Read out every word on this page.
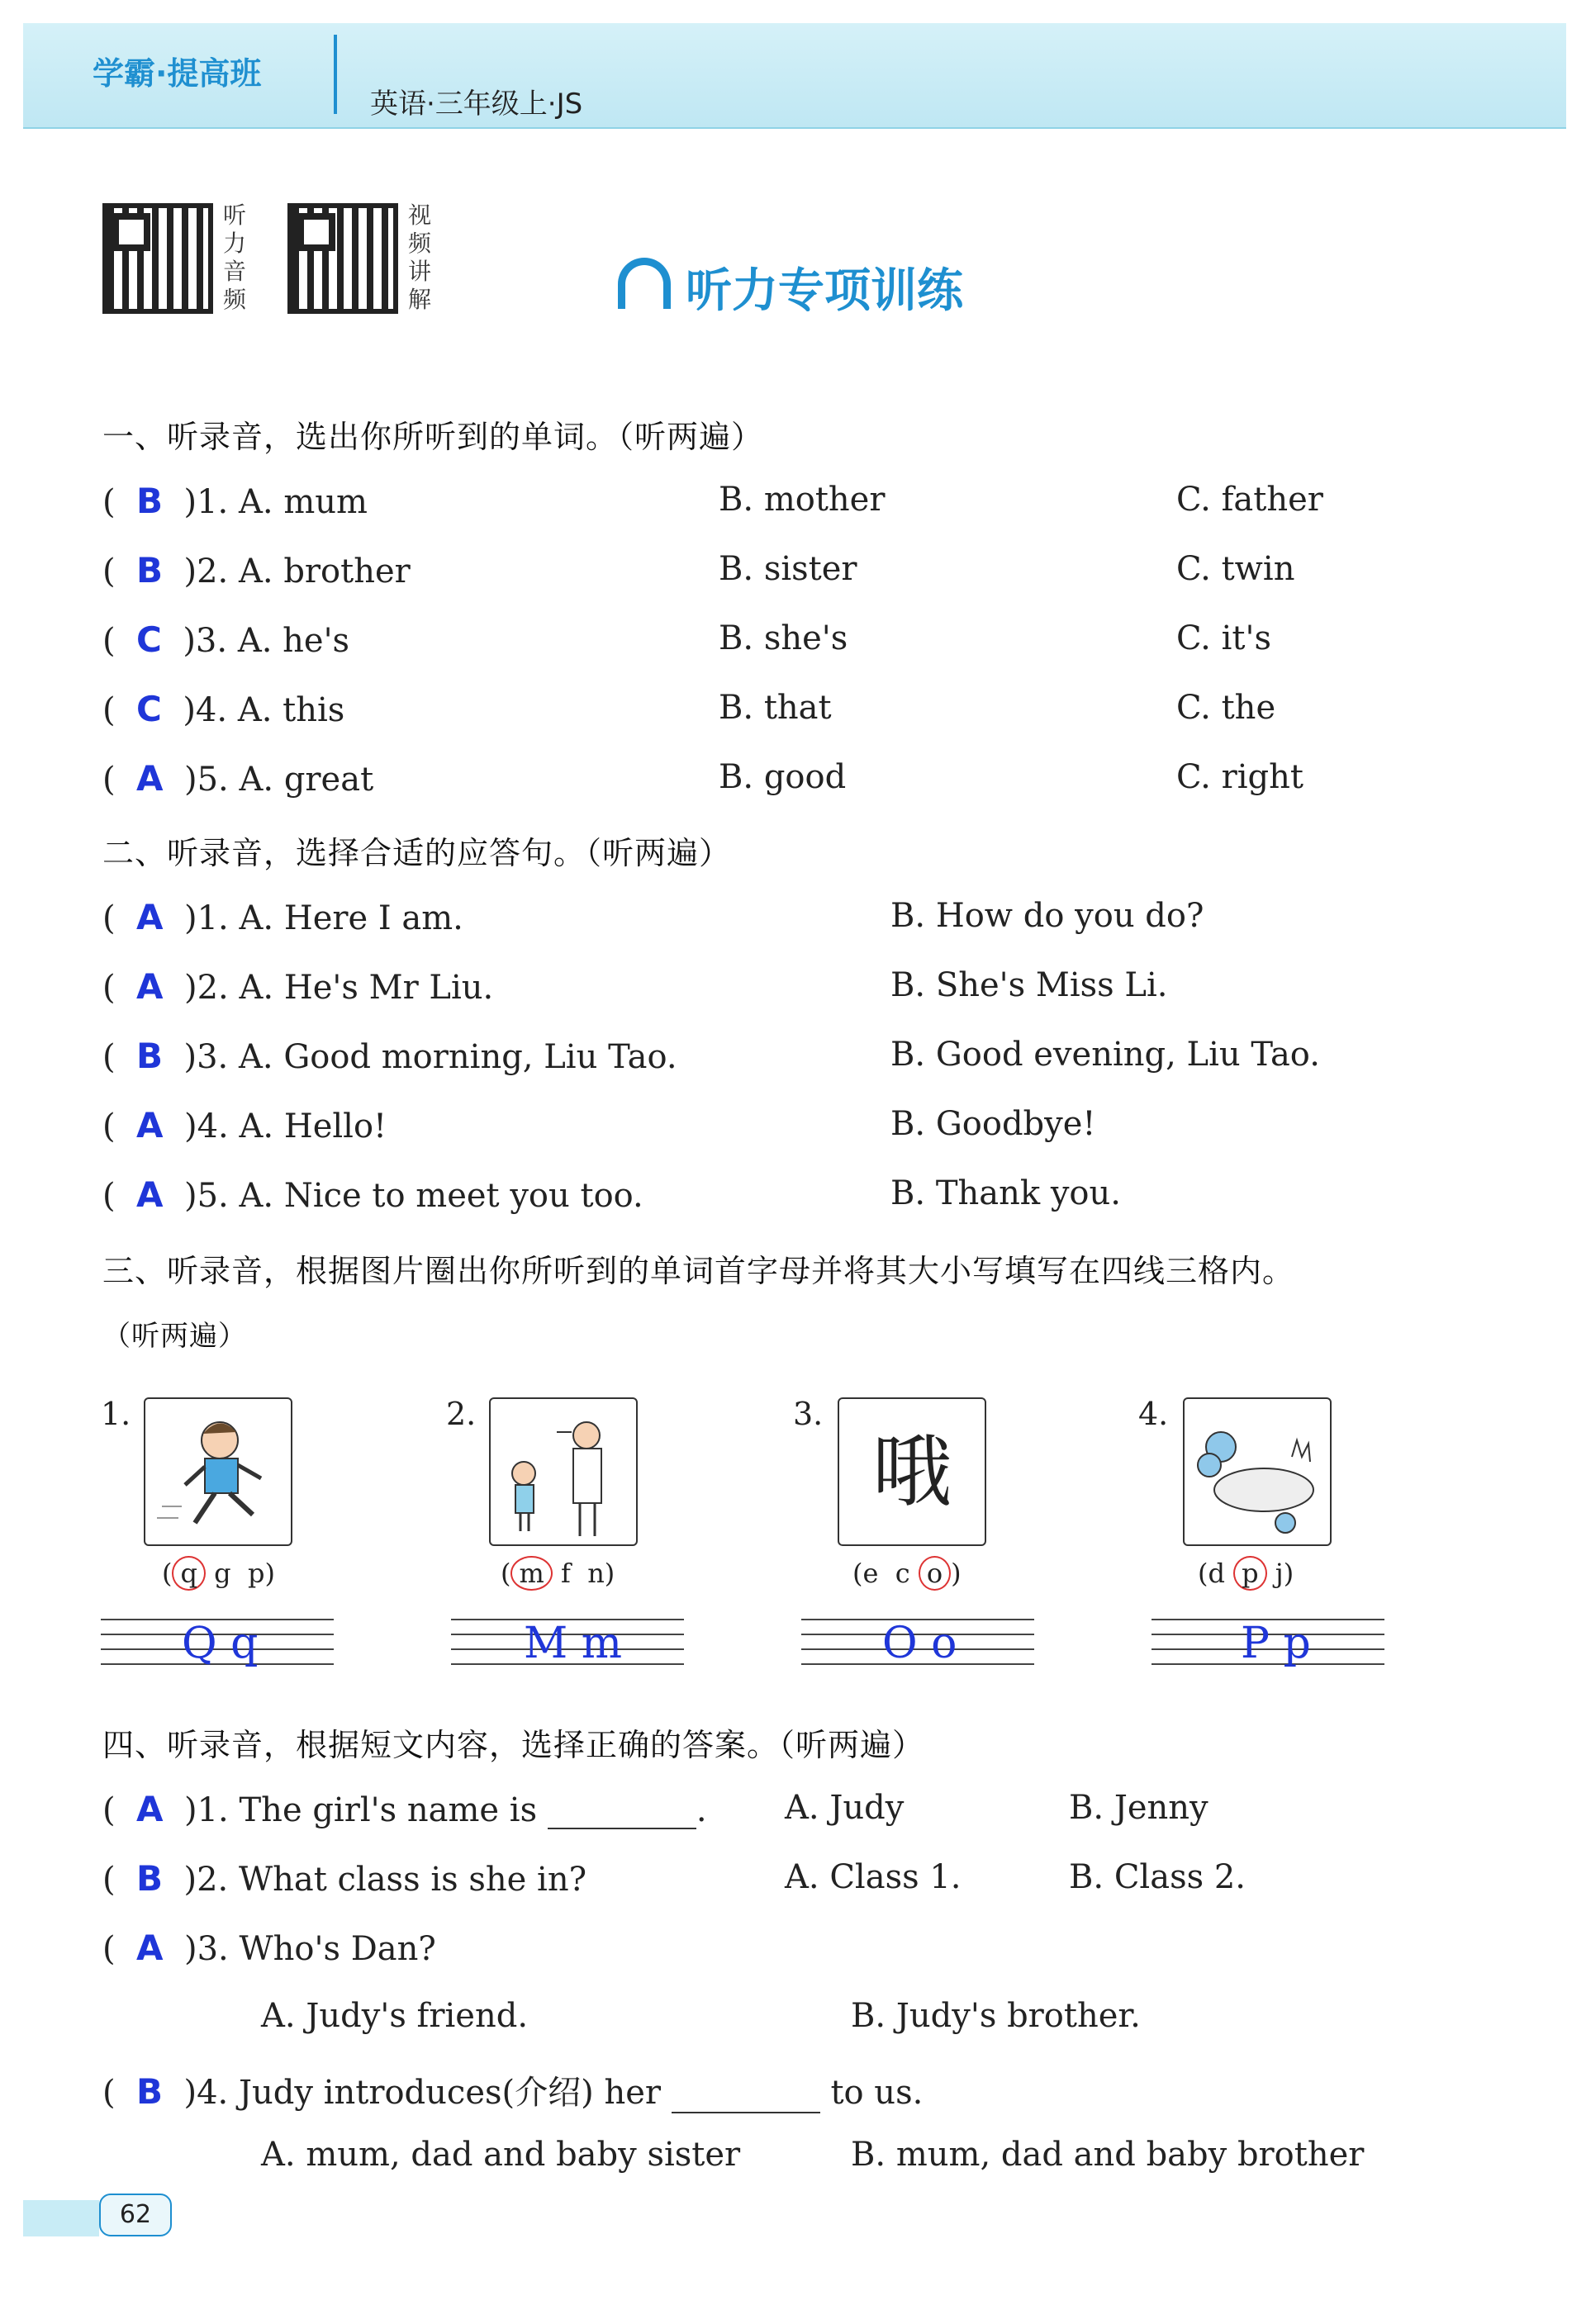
学霸·提高班
英语·三年级上·JS
听力音频
视频讲解	听力专项训练
一、听录音，选出你所听到的单词。（听两遍）
(  B )1. A. mum	B. mother	C. father
(  B )2. A. brother	B. sister	C. twin
(  C )3. A. he's	B. she's	C. it's
(  C )4. A. this	B. that	C. the
(  A )5. A. great	B. good	C. right
二、听录音，选择合适的应答句。（听两遍）
(  A )1. A. Here I am.	B. How do you do?
(  A )2. A. He's Mr Liu.	B. She's Miss Li.
(  B )3. A. Good morning, Liu Tao.	B. Good evening, Liu Tao.
(  A )4. A. Hello!	B. Goodbye!
(  A )5. A. Nice to meet you too.	B. Thank you.
三、听录音，根据图片圈出你所听到的单词首字母并将其大小写填写在四线三格内。
（听两遍）
1.
( q g p)
Q q
2.
( m f n)
M m
3.
哦
(e c o )
O o
4.
(d p j)
P p
四、听录音，根据短文内容，选择正确的答案。（听两遍）
(  A )1. The girl's name is	. A. Judy	B. Jenny
(  B )2. What class is she in?	A. Class 1.	B. Class 2.
(  A )3. Who's Dan?
A. Judy's friend.	B. Judy's brother.
(  B )4. Judy introduces(介绍) her	to us.
A. mum, dad and baby sister	B. mum, dad and baby brother
62
